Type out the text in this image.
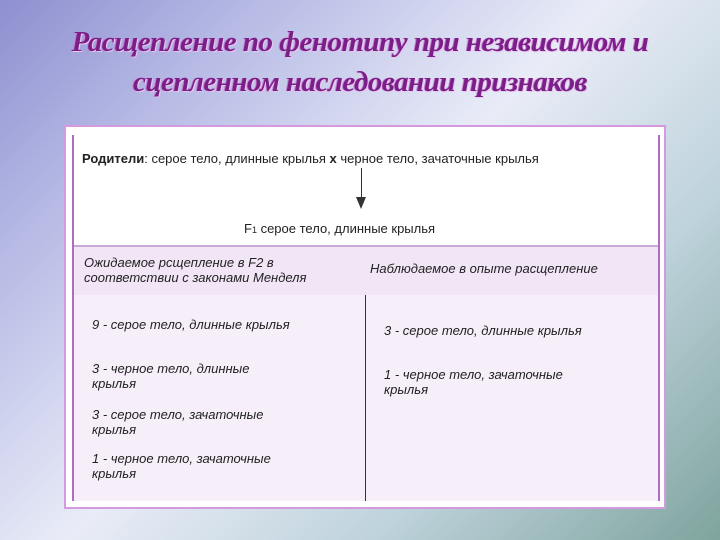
Расщепление по фенотипу при независимом и
сцепленном наследовании признаков
Родители: серое тело, длинные крылья х черное тело, зачаточные крылья
F1 серое тело, длинные крылья
Ожидаемое рсщепление в F2 в соответствии с законами Менделя
Наблюдаемое в опыте расщепление
9 - серое тело, длинные крылья
3 - черное тело, длинные крылья
3 - серое тело, зачаточные крылья
1 - черное тело, зачаточные крылья
3 - серое тело, длинные крылья
1 - черное тело, зачаточные крылья
